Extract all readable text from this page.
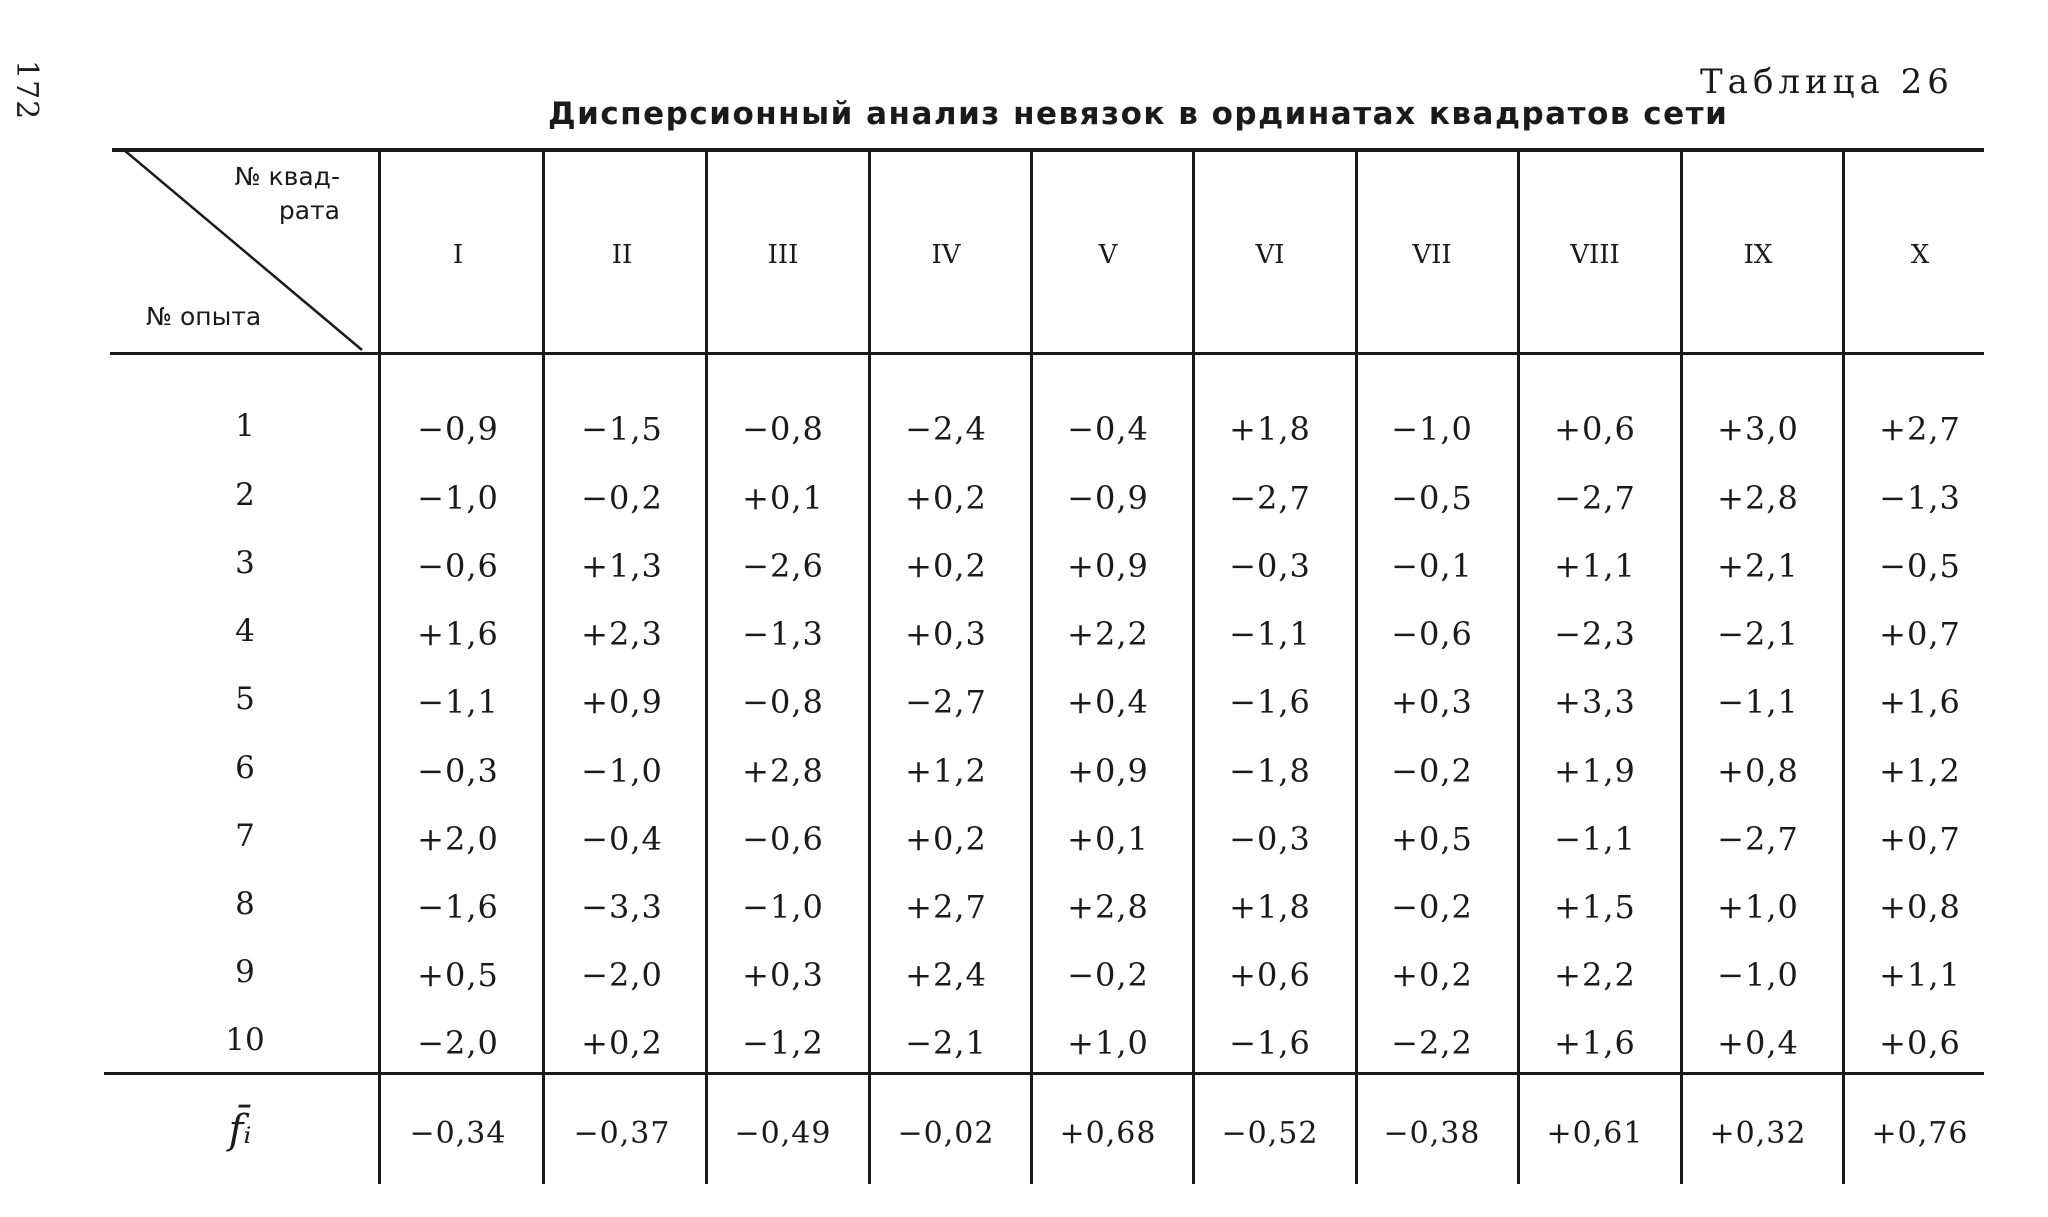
172	Таблица 26
Дисперсионный анализ невязок в ординатах квадратов сети
№ квад-
рата
№ опыта
I	II	III	IV	V	VI	VII	VIII	IX	X
1	−0,9	−1,5	−0,8	−2,4	−0,4	+1,8	−1,0	+0,6	+3,0	+2,7
2	−1,0	−0,2	+0,1	+0,2	−0,9	−2,7	−0,5	−2,7	+2,8	−1,3
3	−0,6	+1,3	−2,6	+0,2	+0,9	−0,3	−0,1	+1,1	+2,1	−0,5
4	+1,6	+2,3	−1,3	+0,3	+2,2	−1,1	−0,6	−2,3	−2,1	+0,7
5	−1,1	+0,9	−0,8	−2,7	+0,4	−1,6	+0,3	+3,3	−1,1	+1,6
6	−0,3	−1,0	+2,8	+1,2	+0,9	−1,8	−0,2	+1,9	+0,8	+1,2
7	+2,0	−0,4	−0,6	+0,2	+0,1	−0,3	+0,5	−1,1	−2,7	+0,7
8	−1,6	−3,3	−1,0	+2,7	+2,8	+1,8	−0,2	+1,5	+1,0	+0,8
9	+0,5	−2,0	+0,3	+2,4	−0,2	+0,6	+0,2	+2,2	−1,0	+1,1
10	−2,0	+0,2	−1,2	−2,1	+1,0	−1,6	−2,2	+1,6	+0,4	+0,6
f̄ᵢ	−0,34	−0,37	−0,49	−0,02	+0,68	−0,52	−0,38	+0,61	+0,32	+0,76
